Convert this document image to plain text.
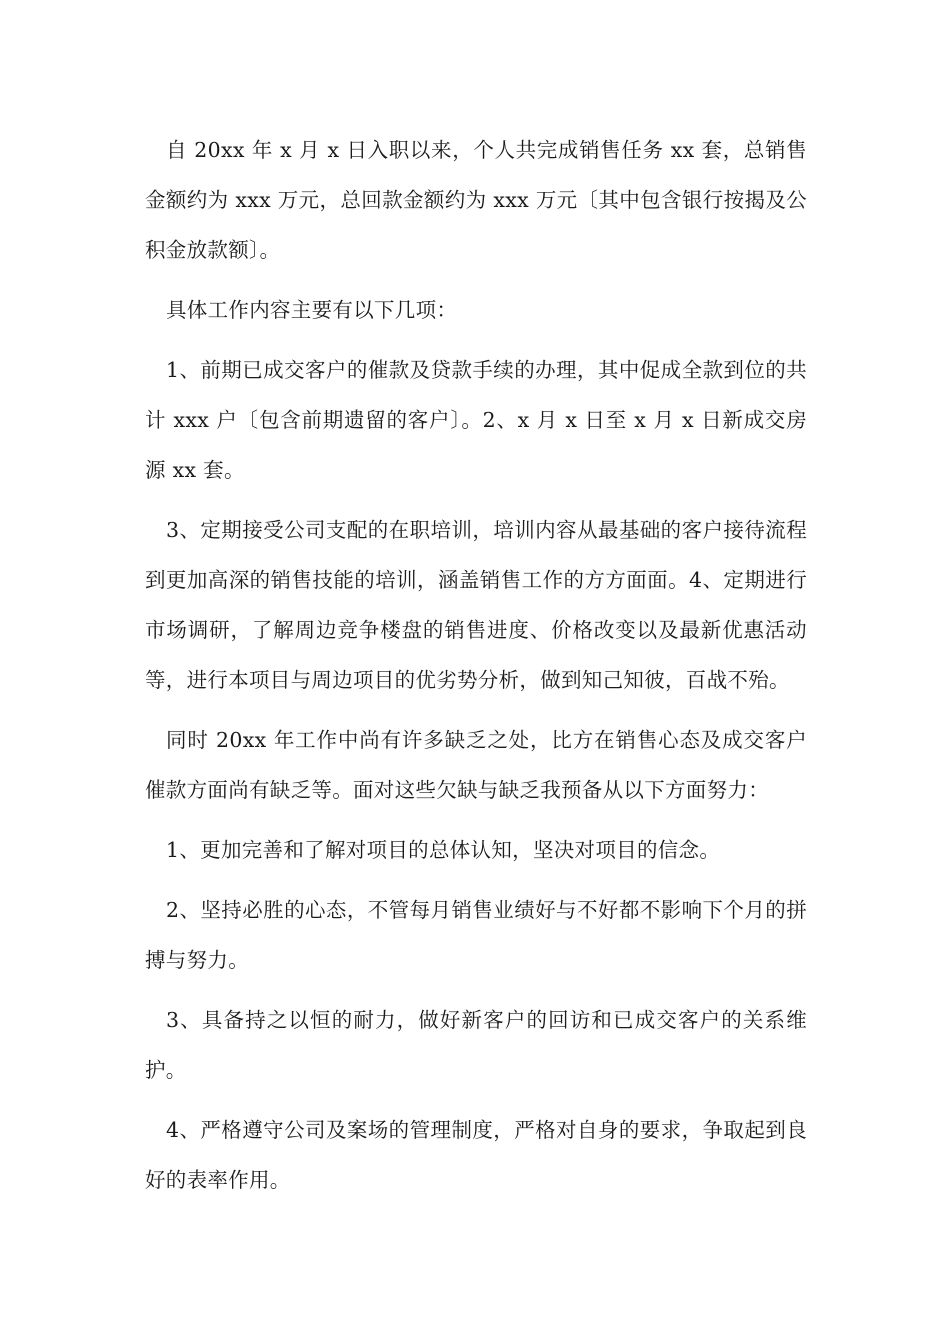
自 20xx 年 x 月 x 日入职以来，个人共完成销售任务 xx 套，总销售金额约为 xxx 万元，总回款金额约为 xxx 万元〔其中包含银行按揭及公积金放款额〕。

具体工作内容主要有以下几项：

1、前期已成交客户的催款及贷款手续的办理，其中促成全款到位的共计 xxx 户〔包含前期遗留的客户〕。2、x 月 x 日至 x 月 x 日新成交房源 xx 套。

3、定期接受公司支配的在职培训，培训内容从最基础的客户接待流程到更加高深的销售技能的培训，涵盖销售工作的方方面面。4、定期进行市场调研，了解周边竞争楼盘的销售进度、价格改变以及最新优惠活动等，进行本项目与周边项目的优劣势分析，做到知己知彼，百战不殆。

同时 20xx 年工作中尚有许多缺乏之处，比方在销售心态及成交客户催款方面尚有缺乏等。面对这些欠缺与缺乏我预备从以下方面努力：

1、更加完善和了解对项目的总体认知，坚决对项目的信念。

2、坚持必胜的心态，不管每月销售业绩好与不好都不影响下个月的拼搏与努力。

3、具备持之以恒的耐力，做好新客户的回访和已成交客户的关系维护。

4、严格遵守公司及案场的管理制度，严格对自身的要求，争取起到良好的表率作用。
